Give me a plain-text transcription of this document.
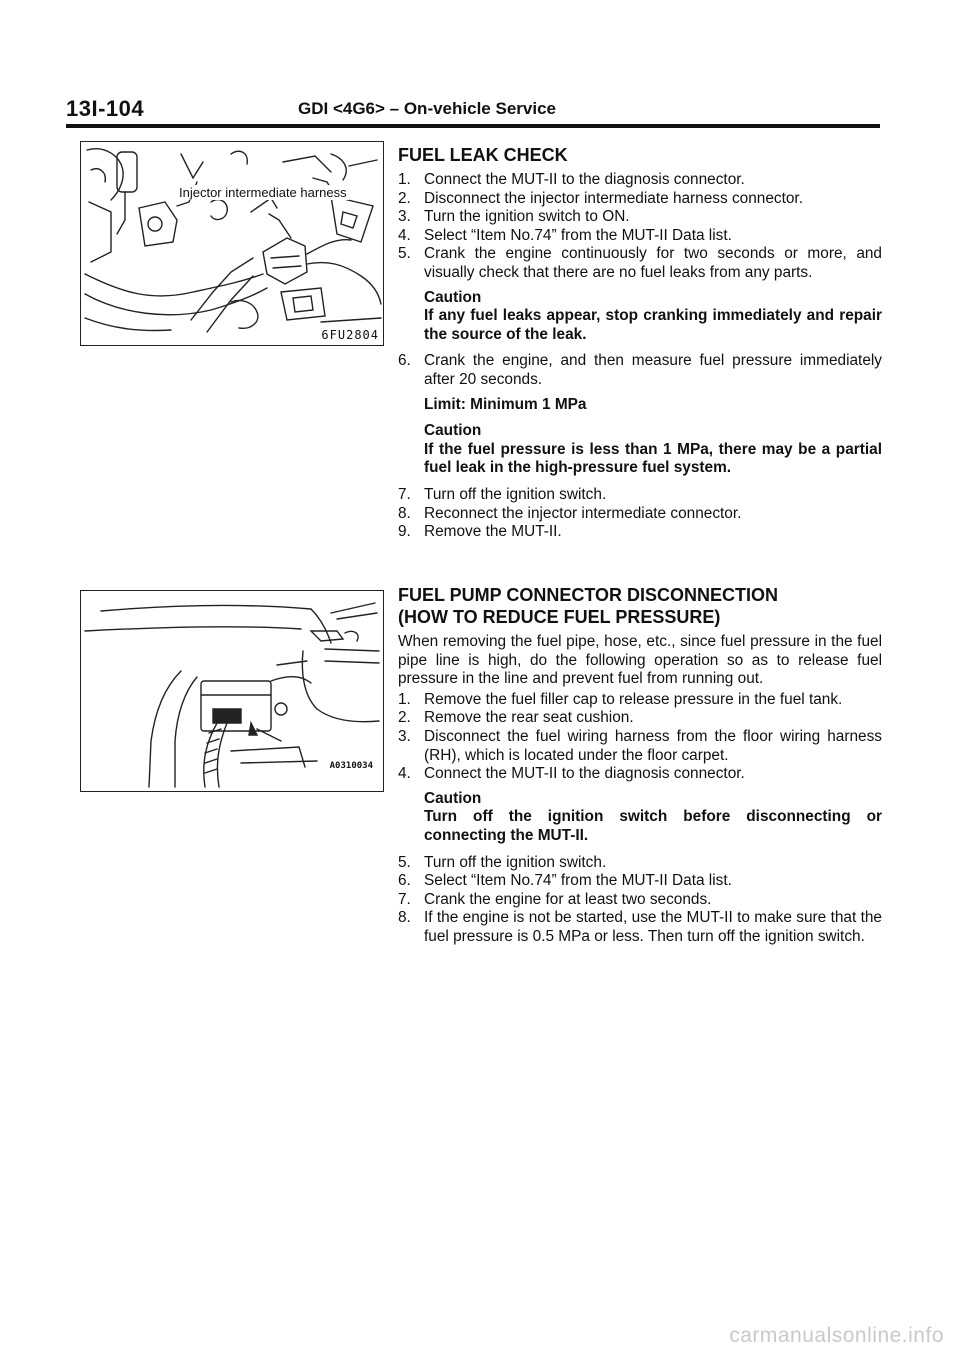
13I-104	GDI <4G6> – On-vehicle Service
Injector intermediate harness
6FU2804
A0310034
FUEL LEAK CHECK
1. Connect the MUT-II to the diagnosis connector.
2. Disconnect the injector intermediate harness connector.
3. Turn the ignition switch to ON.
4. Select “Item No.74” from the MUT-II Data list.
5. Crank the engine continuously for two seconds or more, and visually check that there are no fuel leaks from any parts.
Caution
If any fuel leaks appear, stop cranking immediately and repair the source of the leak.
6. Crank the engine, and then measure fuel pressure immediately after 20 seconds.
Limit: Minimum 1 MPa
Caution
If the fuel pressure is less than 1 MPa, there may be a partial fuel leak in the high-pressure fuel system.
7. Turn off the ignition switch.
8. Reconnect the injector intermediate connector.
9. Remove the MUT-II.
FUEL PUMP CONNECTOR DISCONNECTION
(HOW TO REDUCE FUEL PRESSURE)
When removing the fuel pipe, hose, etc., since fuel pressure in the fuel pipe line is high, do the following operation so as to release fuel pressure in the line and prevent fuel from running out.
1. Remove the fuel filler cap to release pressure in the fuel tank.
2. Remove the rear seat cushion.
3. Disconnect the fuel wiring harness from the floor wiring harness (RH), which is located under the floor carpet.
4. Connect the MUT-II to the diagnosis connector.
Caution
Turn off the ignition switch before disconnecting or connecting the MUT-II.
5. Turn off the ignition switch.
6. Select “Item No.74” from the MUT-II Data list.
7. Crank the engine for at least two seconds.
8. If the engine is not be started, use the MUT-II to make sure that the fuel pressure is 0.5 MPa or less. Then turn off the ignition switch.
carmanualsonline.info
